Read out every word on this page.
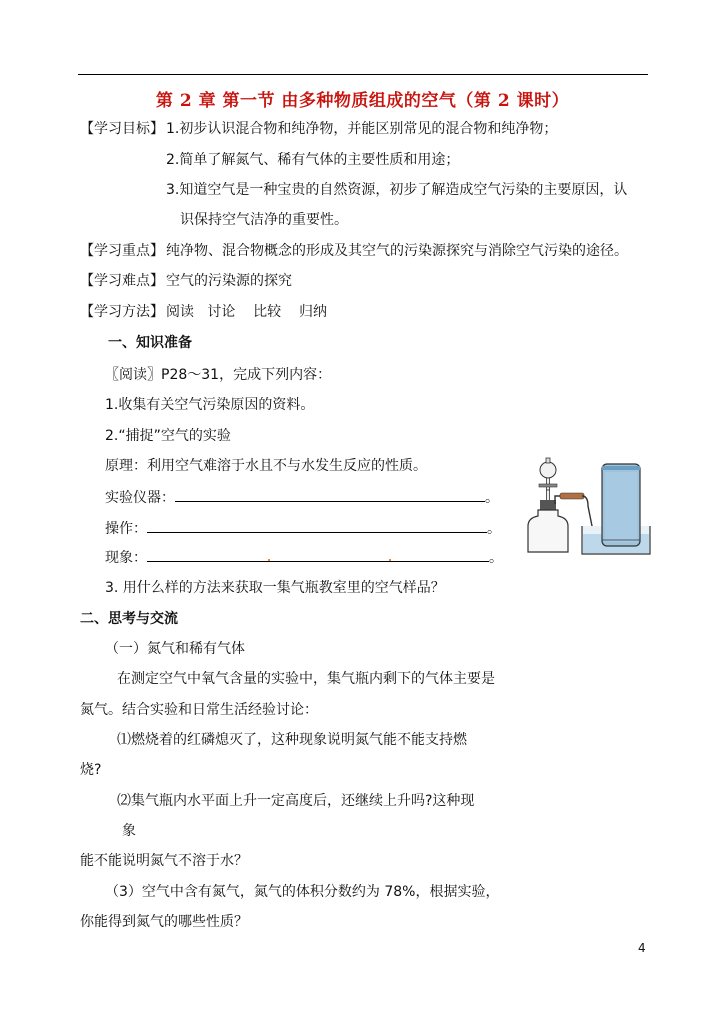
第 2 章 第一节 由多种物质组成的空气（第 2 课时）
【学习目标】 1.初步认识混合物和纯净物，并能区别常见的混合物和纯净物；
2.简单了解氮气、稀有气体的主要性质和用途；
3.知道空气是一种宝贵的自然资源，初步了解造成空气污染的主要原因，认
识保持空气洁净的重要性。
【学习重点】 纯净物、混合物概念的形成及其空气的污染源探究与消除空气污染的途径。
【学习难点】 空气的污染源的探究
【学习方法】 阅读   讨论    比较    归纳
一、知识准备
〖阅读〗P28～31，完成下列内容：
1.收集有关空气污染原因的资料。
2.“捕捉”空气的实验
原理：利用空气难溶于水且不与水发生反应的性质。
实验仪器：	。
操作：	。
现象：	。
3. 用什么样的方法来获取一集气瓶教室里的空气样品？
二、思考与交流
（一）氮气和稀有气体
在测定空气中氧气含量的实验中，集气瓶内剩下的气体主要是
氮气。结合实验和日常生活经验讨论：
⑴燃烧着的红磷熄灭了，这种现象说明氮气能不能支持燃
烧?
⑵集气瓶内水平面上升一定高度后，还继续上升吗?这种现
象
能不能说明氮气不溶于水？
（3）空气中含有氮气，氮气的体积分数约为 78%，根据实验，
你能得到氮气的哪些性质？
4
